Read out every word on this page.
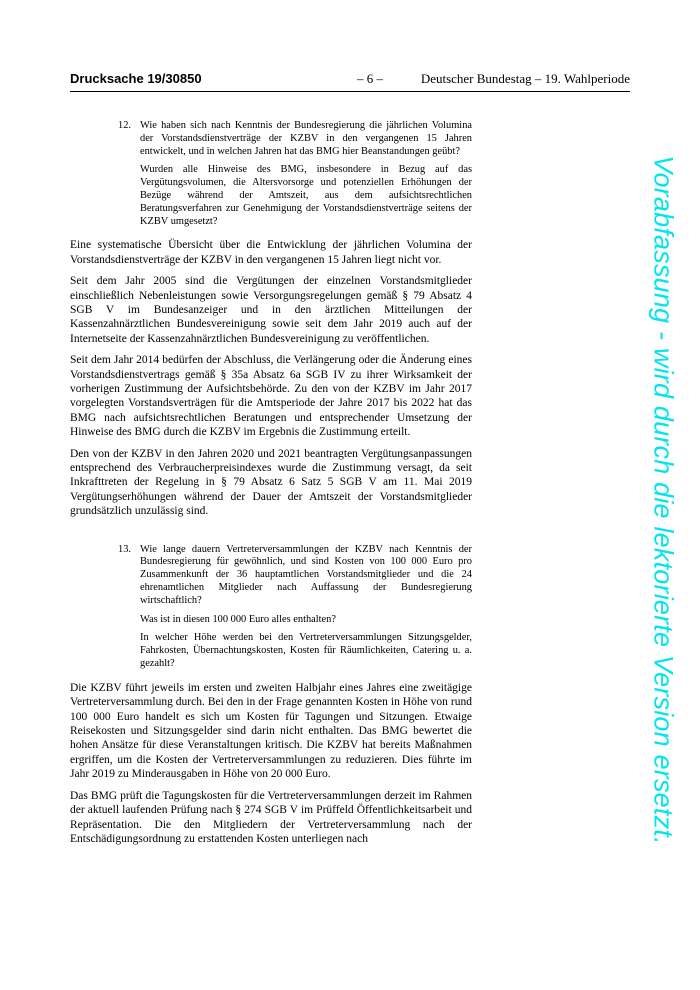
Drucksache 19/30850	– 6 –	Deutscher Bundestag – 19. Wahlperiode
12. Wie haben sich nach Kenntnis der Bundesregierung die jährlichen Volumina der Vorstandsdienstverträge der KZBV in den vergangenen 15 Jahren entwickelt, und in welchen Jahren hat das BMG hier Beanstandungen geübt?

Wurden alle Hinweise des BMG, insbesondere in Bezug auf das Vergütungsvolumen, die Altersvorsorge und potenziellen Erhöhungen der Bezüge während der Amtszeit, aus dem aufsichtsrechtlichen Beratungsverfahren zur Genehmigung der Vorstandsdienstverträge seitens der KZBV umgesetzt?

Eine systematische Übersicht über die Entwicklung der jährlichen Volumina der Vorstandsdienstverträge der KZBV in den vergangenen 15 Jahren liegt nicht vor.

Seit dem Jahr 2005 sind die Vergütungen der einzelnen Vorstandsmitglieder einschließlich Nebenleistungen sowie Versorgungsregelungen gemäß § 79 Absatz 4 SGB V im Bundesanzeiger und in den ärztlichen Mitteilungen der Kassenzahnärztlichen Bundesvereinigung sowie seit dem Jahr 2019 auch auf der Internetseite der Kassenzahnärztlichen Bundesvereinigung zu veröffentlichen.

Seit dem Jahr 2014 bedürfen der Abschluss, die Verlängerung oder die Änderung eines Vorstandsdienstvertrags gemäß § 35a Absatz 6a SGB IV zu ihrer Wirksamkeit der vorherigen Zustimmung der Aufsichtsbehörde. Zu den von der KZBV im Jahr 2017 vorgelegten Vorstandsverträgen für die Amtsperiode der Jahre 2017 bis 2022 hat das BMG nach aufsichtsrechtlichen Beratungen und entsprechender Umsetzung der Hinweise des BMG durch die KZBV im Ergebnis die Zustimmung erteilt.

Den von der KZBV in den Jahren 2020 und 2021 beantragten Vergütungsanpassungen entsprechend des Verbraucherpreisindexes wurde die Zustimmung versagt, da seit Inkrafttreten der Regelung in § 79 Absatz 6 Satz 5 SGB V am 11. Mai 2019 Vergütungserhöhungen während der Dauer der Amtszeit der Vorstandsmitglieder grundsätzlich unzulässig sind.

13. Wie lange dauern Vertreterversammlungen der KZBV nach Kenntnis der Bundesregierung für gewöhnlich, und sind Kosten von 100 000 Euro pro Zusammenkunft der 36 hauptamtlichen Vorstandsmitglieder und die 24 ehrenamtlichen Mitglieder nach Auffassung der Bundesregierung wirtschaftlich?

Was ist in diesen 100 000 Euro alles enthalten?

In welcher Höhe werden bei den Vertreterversammlungen Sitzungsgelder, Fahrkosten, Übernachtungskosten, Kosten für Räumlichkeiten, Catering u. a. gezahlt?

Die KZBV führt jeweils im ersten und zweiten Halbjahr eines Jahres eine zweitägige Vertreterversammlung durch. Bei den in der Frage genannten Kosten in Höhe von rund 100 000 Euro handelt es sich um Kosten für Tagungen und Sitzungen. Etwaige Reisekosten und Sitzungsgelder sind darin nicht enthalten. Das BMG bewertet die hohen Ansätze für diese Veranstaltungen kritisch. Die KZBV hat bereits Maßnahmen ergriffen, um die Kosten der Vertreterversammlungen zu reduzieren. Dies führte im Jahr 2019 zu Minderausgaben in Höhe von 20 000 Euro.

Das BMG prüft die Tagungskosten für die Vertreterversammlungen derzeit im Rahmen der aktuell laufenden Prüfung nach § 274 SGB V im Prüffeld Öffentlichkeitsarbeit und Repräsentation. Die den Mitgliedern der Vertreterversammlung nach der Entschädigungsordnung zu erstattenden Kosten unterliegen nach	Vorabfassung - wird durch die lektorierte Version ersetzt.
